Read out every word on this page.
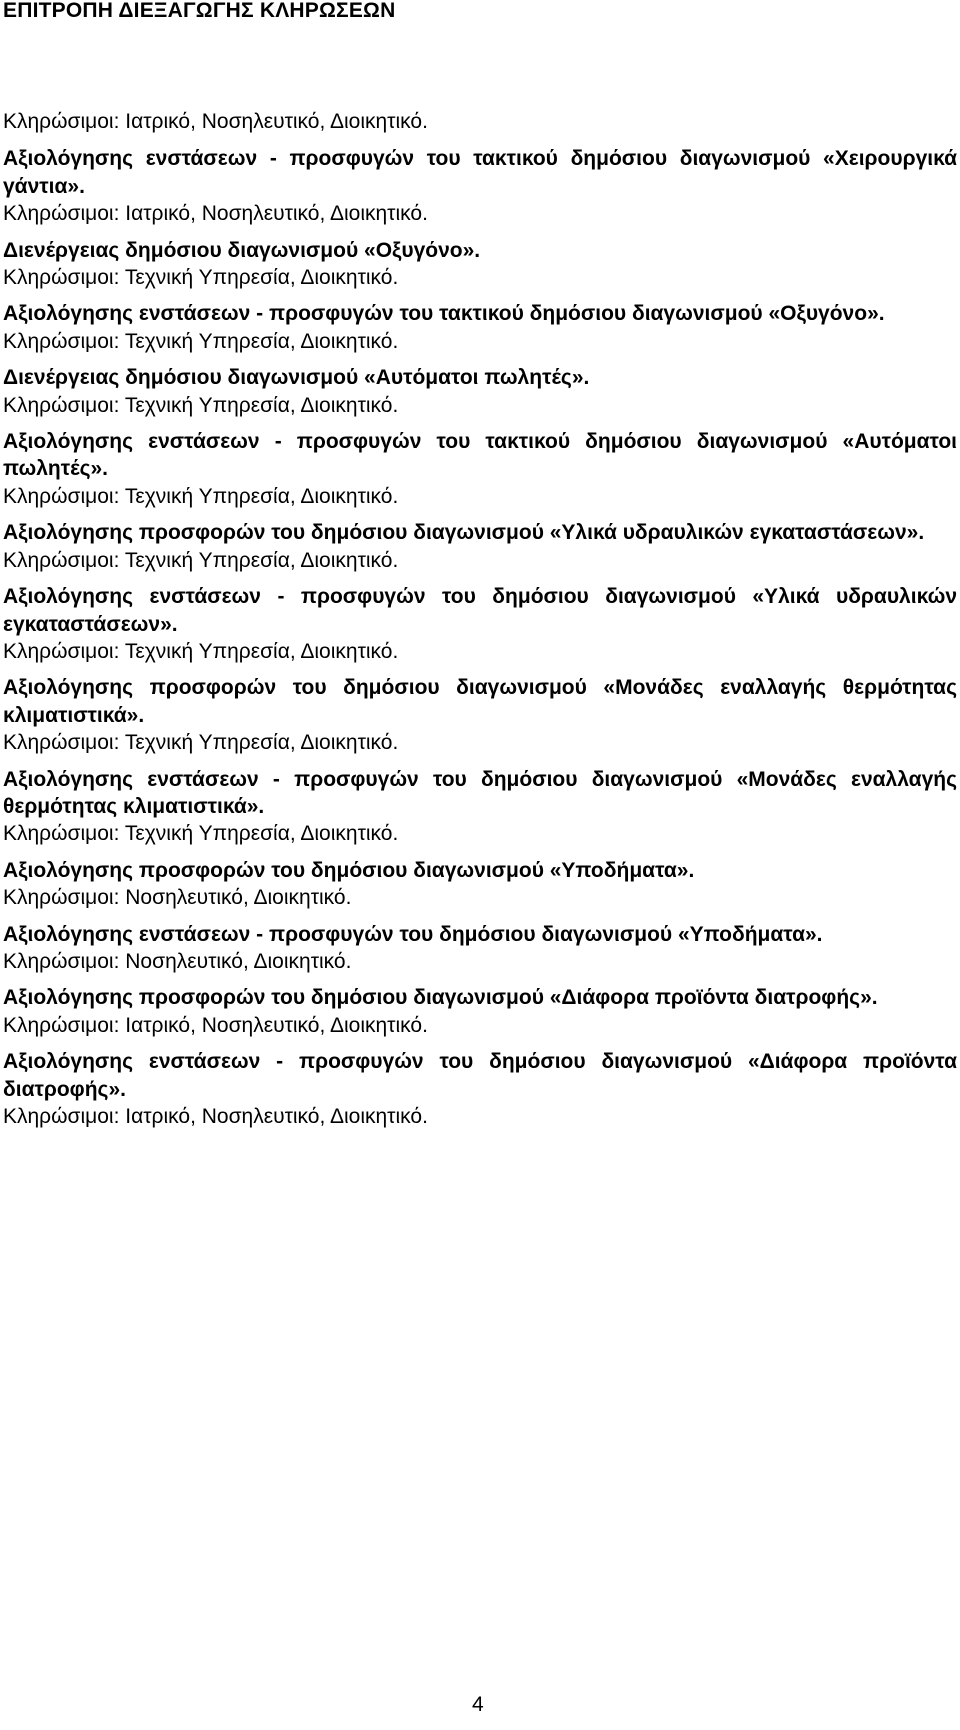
ΕΠΙΤΡΟΠΗ ΔΙΕΞΑΓΩΓΗΣ ΚΛΗΡΩΣΕΩΝ

Κληρώσιμοι: Ιατρικό, Νοσηλευτικό, Διοικητικό.

Αξιολόγησης ενστάσεων - προσφυγών του τακτικού δημόσιου διαγωνισμού «Χειρουργικά γάντια».

Κληρώσιμοι: Ιατρικό, Νοσηλευτικό, Διοικητικό.

Διενέργειας δημόσιου διαγωνισμού «Οξυγόνο».

Κληρώσιμοι: Τεχνική Υπηρεσία, Διοικητικό.

Αξιολόγησης ενστάσεων - προσφυγών του τακτικού δημόσιου διαγωνισμού «Οξυγόνο».

Κληρώσιμοι: Τεχνική Υπηρεσία, Διοικητικό.

Διενέργειας δημόσιου διαγωνισμού «Αυτόματοι πωλητές».

Κληρώσιμοι: Τεχνική Υπηρεσία, Διοικητικό.

Αξιολόγησης ενστάσεων - προσφυγών του τακτικού δημόσιου διαγωνισμού «Αυτόματοι πωλητές».

Κληρώσιμοι: Τεχνική Υπηρεσία, Διοικητικό.

Αξιολόγησης προσφορών του δημόσιου διαγωνισμού «Υλικά υδραυλικών εγκαταστάσεων».

Κληρώσιμοι: Τεχνική Υπηρεσία, Διοικητικό.

Αξιολόγησης ενστάσεων - προσφυγών του δημόσιου διαγωνισμού «Υλικά υδραυλικών εγκαταστάσεων».

Κληρώσιμοι: Τεχνική Υπηρεσία, Διοικητικό.

Αξιολόγησης προσφορών του δημόσιου διαγωνισμού «Μονάδες εναλλαγής θερμότητας κλιματιστικά».

Κληρώσιμοι: Τεχνική Υπηρεσία, Διοικητικό.

Αξιολόγησης ενστάσεων - προσφυγών του δημόσιου διαγωνισμού «Μονάδες εναλλαγής θερμότητας κλιματιστικά».

Κληρώσιμοι: Τεχνική Υπηρεσία, Διοικητικό.

Αξιολόγησης προσφορών του δημόσιου διαγωνισμού «Υποδήματα».

Κληρώσιμοι: Νοσηλευτικό, Διοικητικό.

Αξιολόγησης ενστάσεων - προσφυγών του δημόσιου διαγωνισμού «Υποδήματα».

Κληρώσιμοι: Νοσηλευτικό, Διοικητικό.

Αξιολόγησης προσφορών του δημόσιου διαγωνισμού «Διάφορα προϊόντα διατροφής».

Κληρώσιμοι: Ιατρικό, Νοσηλευτικό, Διοικητικό.

Αξιολόγησης ενστάσεων - προσφυγών του δημόσιου διαγωνισμού «Διάφορα προϊόντα διατροφής».

Κληρώσιμοι: Ιατρικό, Νοσηλευτικό, Διοικητικό.

4
